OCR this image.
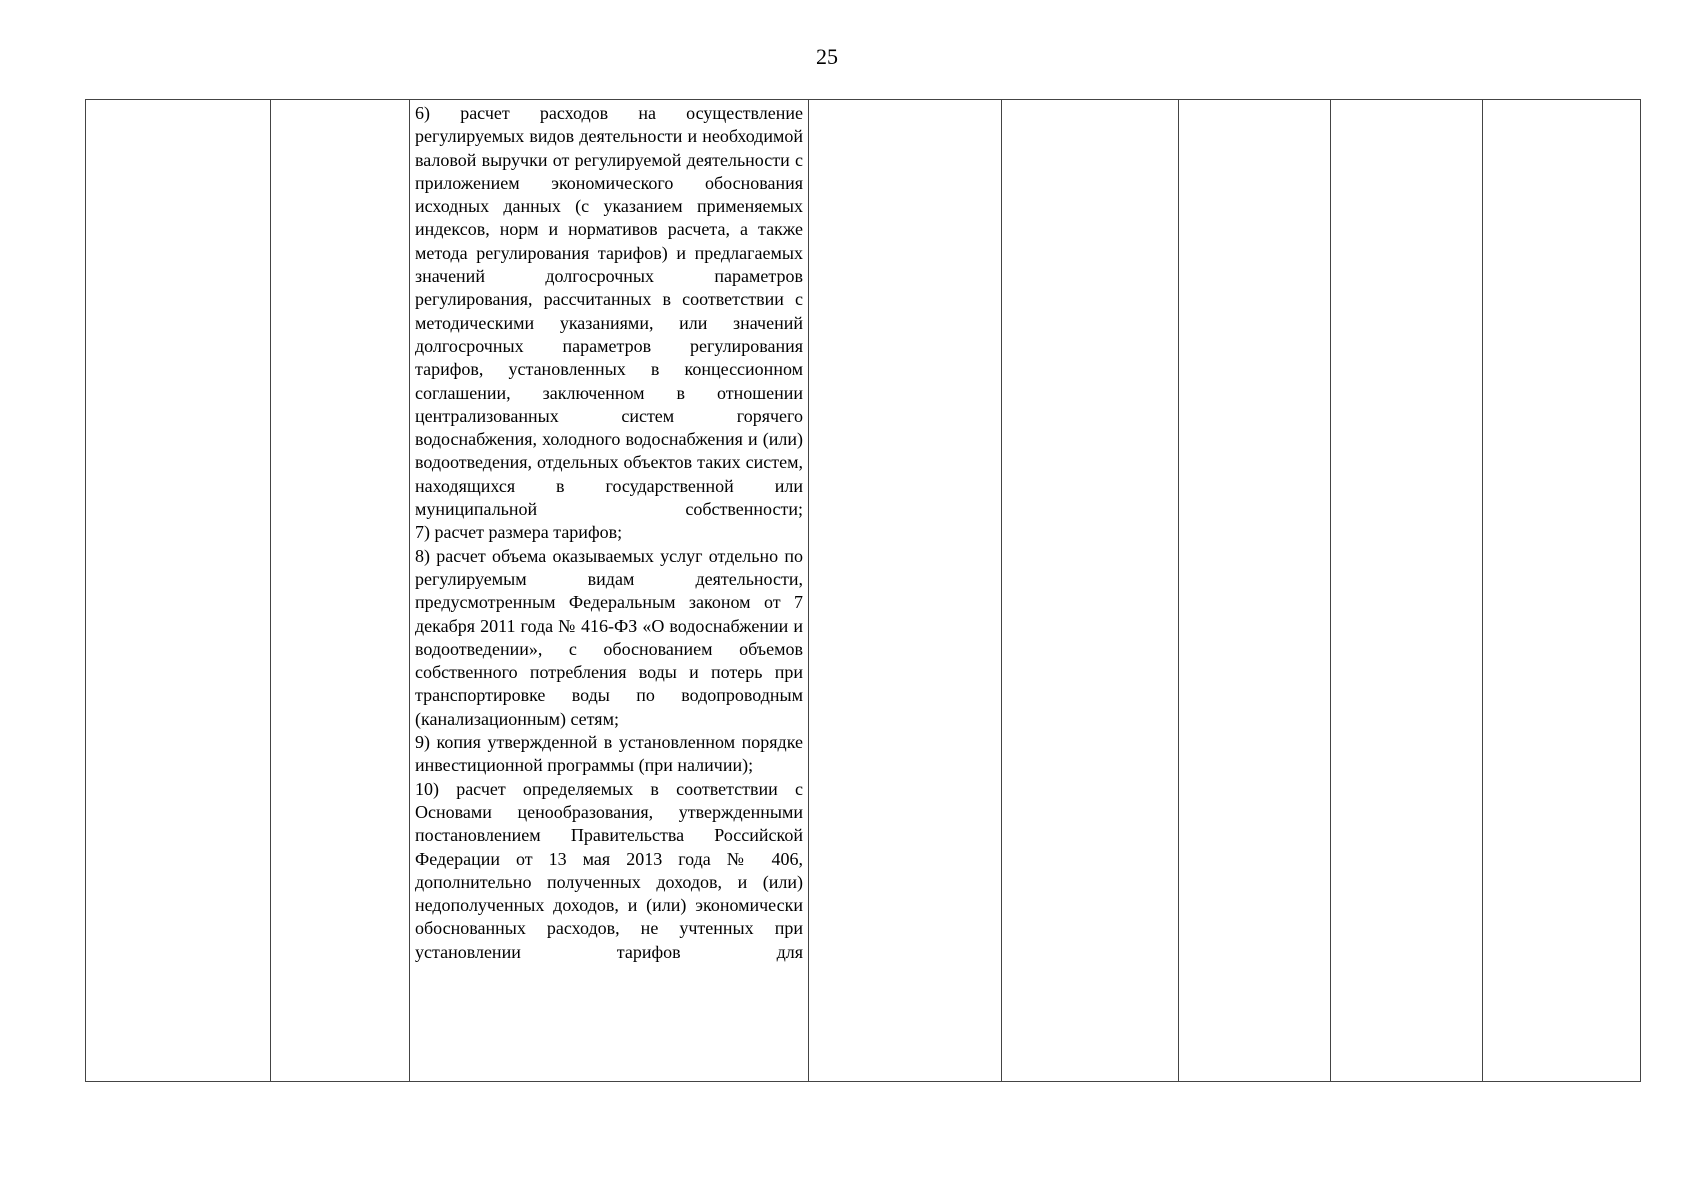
25

6) расчет расходов на осуществление регулируемых видов деятельности и необходимой валовой выручки от регулируемой деятельности с приложением экономического обоснования исходных данных (с указанием применяемых индексов, норм и нормативов расчета, а также метода регулирования тарифов) и предлагаемых значений долгосрочных параметров регулирования, рассчитанных в соответствии с методическими указаниями, или значений долгосрочных параметров регулирования тарифов, установленных в концессионном соглашении, заключенном в отношении централизованных систем горячего водоснабжения, холодного водоснабжения и (или) водоотведения, отдельных объектов таких систем, находящихся в государственной или муниципальной собственности;

7) расчет размера тарифов;

8) расчет объема оказываемых услуг отдельно по регулируемым видам деятельности, предусмотренным Федеральным законом от 7 декабря 2011 года № 416-ФЗ «О водоснабжении и водоотведении», с обоснованием объемов собственного потребления воды и потерь при транспортировке воды по водопроводным (канализационным) сетям;

9) копия утвержденной в установленном порядке инвестиционной программы (при наличии);

10) расчет определяемых в соответствии с Основами ценообразования, утвержденными постановлением Правительства Российской Федерации от 13 мая 2013 года № 406, дополнительно полученных доходов, и (или) недополученных доходов, и (или) экономически обоснованных расходов, не учтенных при установлении тарифов для
